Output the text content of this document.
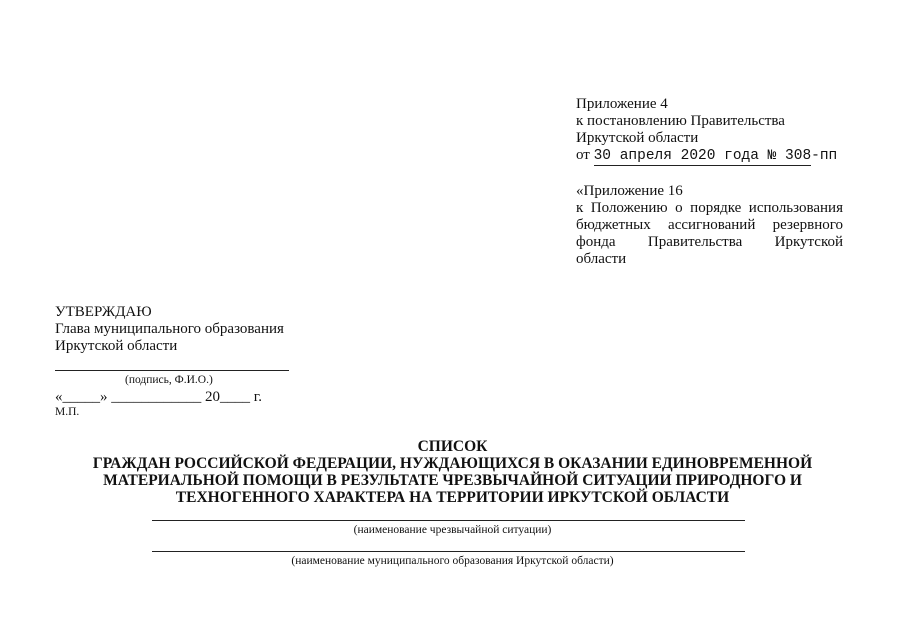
Приложение 4
к постановлению Правительства
Иркутской области
от 30 апреля 2020 года № 308-пп
«Приложение 16
к Положению о порядке использования
бюджетных ассигнований резервного
фонда Правительства Иркутской
области
УТВЕРЖДАЮ
Глава муниципального образования
Иркутской области
(подпись, Ф.И.О.)
«_____» ____________ 20____ г.
М.П.
СПИСОК
ГРАЖДАН РОССИЙСКОЙ ФЕДЕРАЦИИ, НУЖДАЮЩИХСЯ В ОКАЗАНИИ ЕДИНОВРЕМЕННОЙ
МАТЕРИАЛЬНОЙ ПОМОЩИ В РЕЗУЛЬТАТЕ ЧРЕЗВЫЧАЙНОЙ СИТУАЦИИ ПРИРОДНОГО И
ТЕХНОГЕННОГО ХАРАКТЕРА НА ТЕРРИТОРИИ ИРКУТСКОЙ ОБЛАСТИ
(наименование чрезвычайной ситуации)
(наименование муниципального образования Иркутской области)
